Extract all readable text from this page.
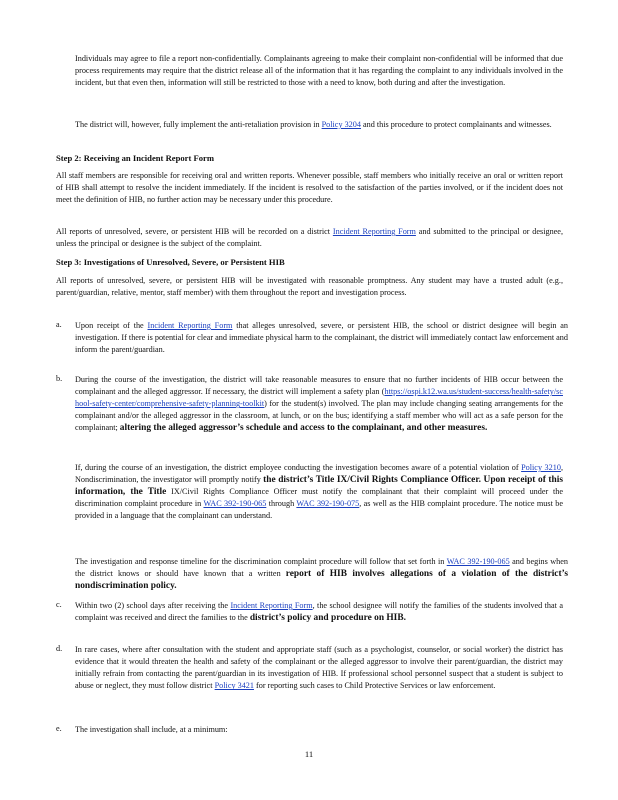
Individuals may agree to file a report non-confidentially. Complainants agreeing to make their complaint non-confidential will be informed that due process requirements may require that the district release all of the information that it has regarding the complaint to any individuals involved in the incident, but that even then, information will still be restricted to those with a need to know, both during and after the investigation.

The district will, however, fully implement the anti-retaliation provision in Policy 3204 and this procedure to protect complainants and witnesses.

Step 2: Receiving an Incident Report Form

All staff members are responsible for receiving oral and written reports. Whenever possible, staff members who initially receive an oral or written report of HIB shall attempt to resolve the incident immediately. If the incident is resolved to the satisfaction of the parties involved, or if the incident does not meet the definition of HIB, no further action may be necessary under this procedure.

All reports of unresolved, severe, or persistent HIB will be recorded on a district Incident Reporting Form and submitted to the principal or designee, unless the principal or designee is the subject of the complaint.

Step 3: Investigations of Unresolved, Severe, or Persistent HIB

All reports of unresolved, severe, or persistent HIB will be investigated with reasonable promptness. Any student may have a trusted adult (e.g., parent/guardian, relative, mentor, staff member) with them throughout the report and investigation process.

a. Upon receipt of the Incident Reporting Form that alleges unresolved, severe, or persistent HIB, the school or district designee will begin an investigation. If there is potential for clear and immediate physical harm to the complainant, the district will immediately contact law enforcement and inform the parent/guardian.

b. During the course of the investigation, the district will take reasonable measures to ensure that no further incidents of HIB occur between the complainant and the alleged aggressor. If necessary, the district will implement a safety plan (https://ospi.k12.wa.us/student-success/health-safety/school-safety-center/comprehensive-safety-planning-toolkit) for the student(s) involved. The plan may include changing seating arrangements for the complainant and/or the alleged aggressor in the classroom, at lunch, or on the bus; identifying a staff member who will act as a safe person for the complainant; altering the alleged aggressor’s schedule and access to the complainant, and other measures.

If, during the course of an investigation, the district employee conducting the investigation becomes aware of a potential violation of Policy 3210, Nondiscrimination, the investigator will promptly notify the district’s Title IX/Civil Rights Compliance Officer. Upon receipt of this information, the Title IX/Civil Rights Compliance Officer must notify the complainant that their complaint will proceed under the discrimination complaint procedure in WAC 392-190-065 through WAC 392-190-075, as well as the HIB complaint procedure. The notice must be provided in a language that the complainant can understand.

The investigation and response timeline for the discrimination complaint procedure will follow that set forth in WAC 392-190-065 and begins when the district knows or should have known that a written report of HIB involves allegations of a violation of the district’s nondiscrimination policy.

c. Within two (2) school days after receiving the Incident Reporting Form, the school designee will notify the families of the students involved that a complaint was received and direct the families to the district’s policy and procedure on HIB.

d. In rare cases, where after consultation with the student and appropriate staff (such as a psychologist, counselor, or social worker) the district has evidence that it would threaten the health and safety of the complainant or the alleged aggressor to involve their parent/guardian, the district may initially refrain from contacting the parent/guardian in its investigation of HIB. If professional school personnel suspect that a student is subject to abuse or neglect, they must follow district Policy 3421 for reporting such cases to Child Protective Services or law enforcement.

e. The investigation shall include, at a minimum:

11
